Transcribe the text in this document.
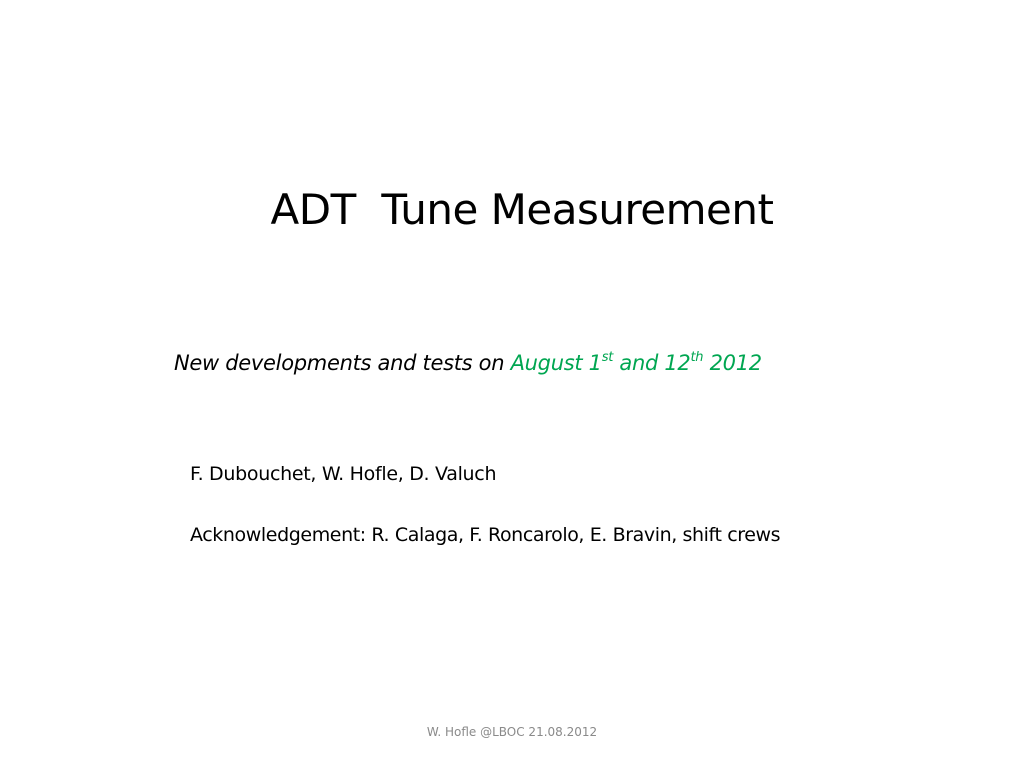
ADT  Tune Measurement
New developments and tests on August 1st and 12th 2012
F. Dubouchet, W. Hofle, D. Valuch
Acknowledgement: R. Calaga, F. Roncarolo, E. Bravin, shift crews
W. Hofle @LBOC 21.08.2012
